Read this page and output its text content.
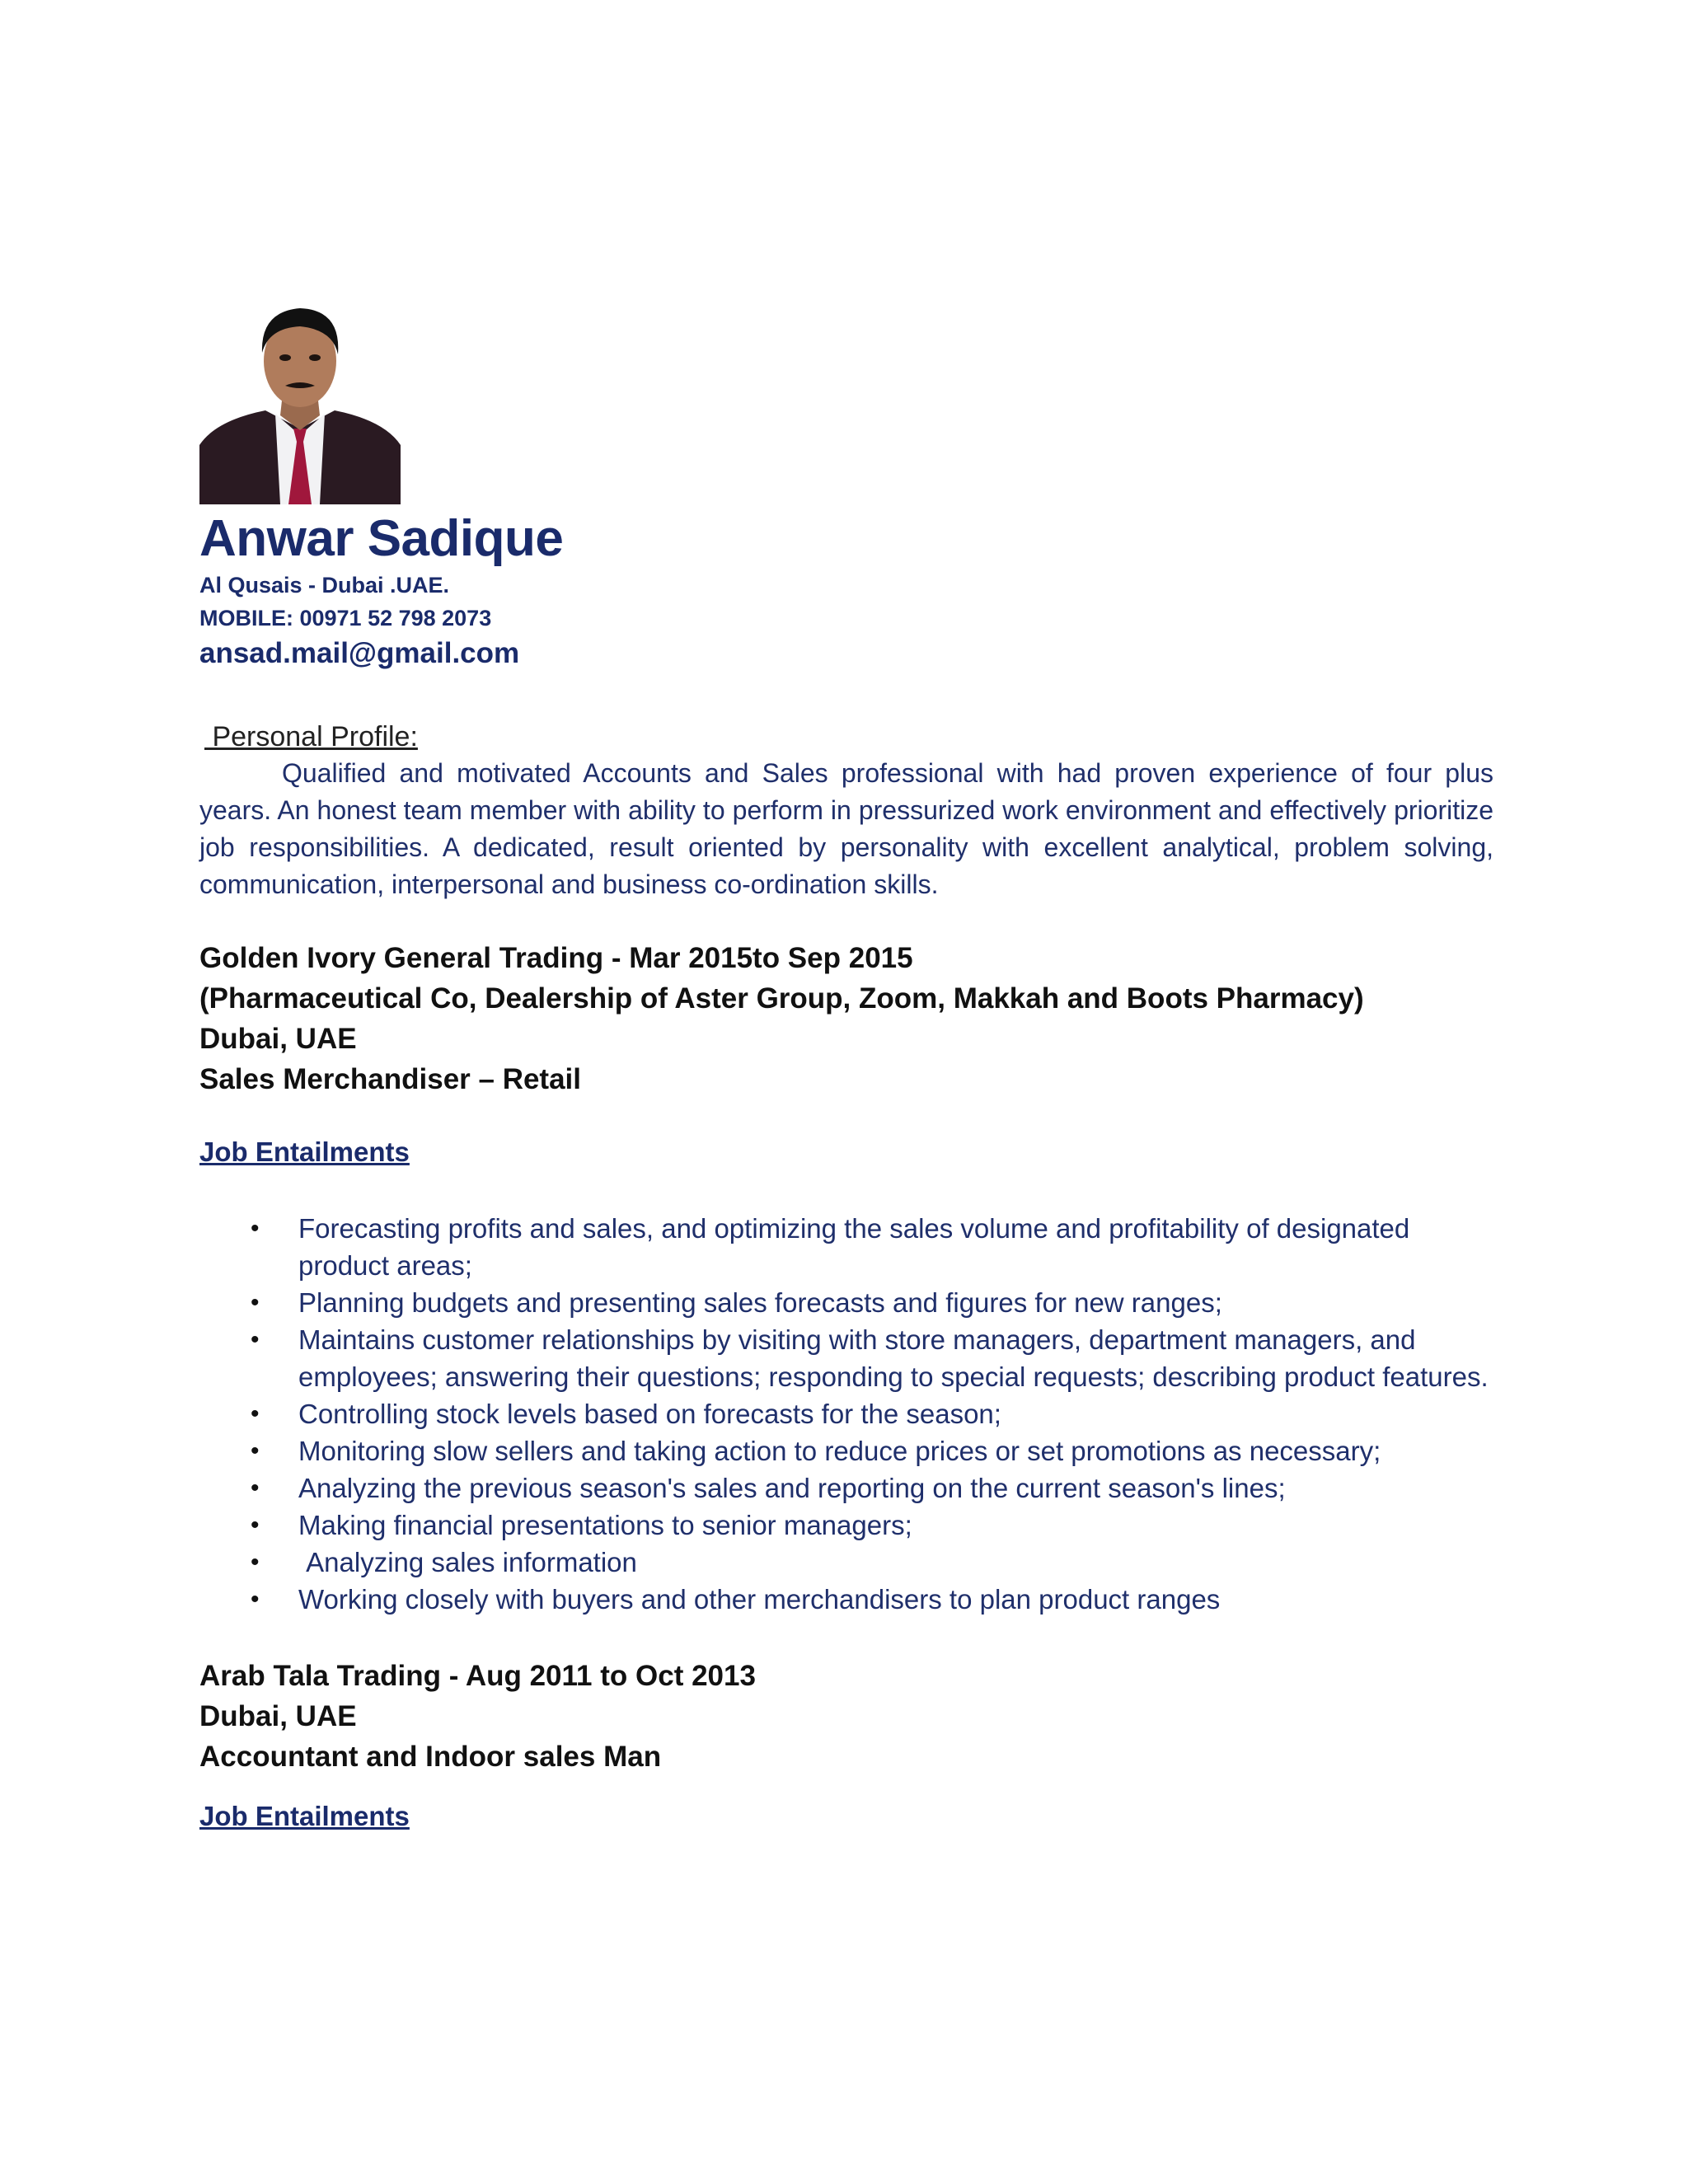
Anwar Sadique
Al Qusais - Dubai .UAE.
MOBILE: 00971 52 798 2073
ansad.mail@gmail.com
Personal Profile:

Qualified and motivated Accounts and Sales professional with had proven experience of four plus years. An honest team member with ability to perform in pressurized work environment and effectively prioritize job responsibilities. A dedicated, result oriented by personality with excellent analytical, problem solving, communication, interpersonal and business co-ordination skills.

Golden Ivory General Trading - Mar 2015to Sep 2015
(Pharmaceutical Co, Dealership of Aster Group, Zoom, Makkah and Boots Pharmacy)
Dubai, UAE
Sales Merchandiser – Retail
Job Entailments
• Forecasting profits and sales, and optimizing the sales volume and profitability of designated product areas;
• Planning budgets and presenting sales forecasts and figures for new ranges;
• Maintains customer relationships by visiting with store managers, department managers, and employees; answering their questions; responding to special requests; describing product features.
• Controlling stock levels based on forecasts for the season;
• Monitoring slow sellers and taking action to reduce prices or set promotions as necessary;
• Analyzing the previous season's sales and reporting on the current season's lines;
• Making financial presentations to senior managers;
• Analyzing sales information
• Working closely with buyers and other merchandisers to plan product ranges
Arab Tala Trading - Aug 2011 to Oct 2013
Dubai, UAE
Accountant and Indoor sales Man
Job Entailments
